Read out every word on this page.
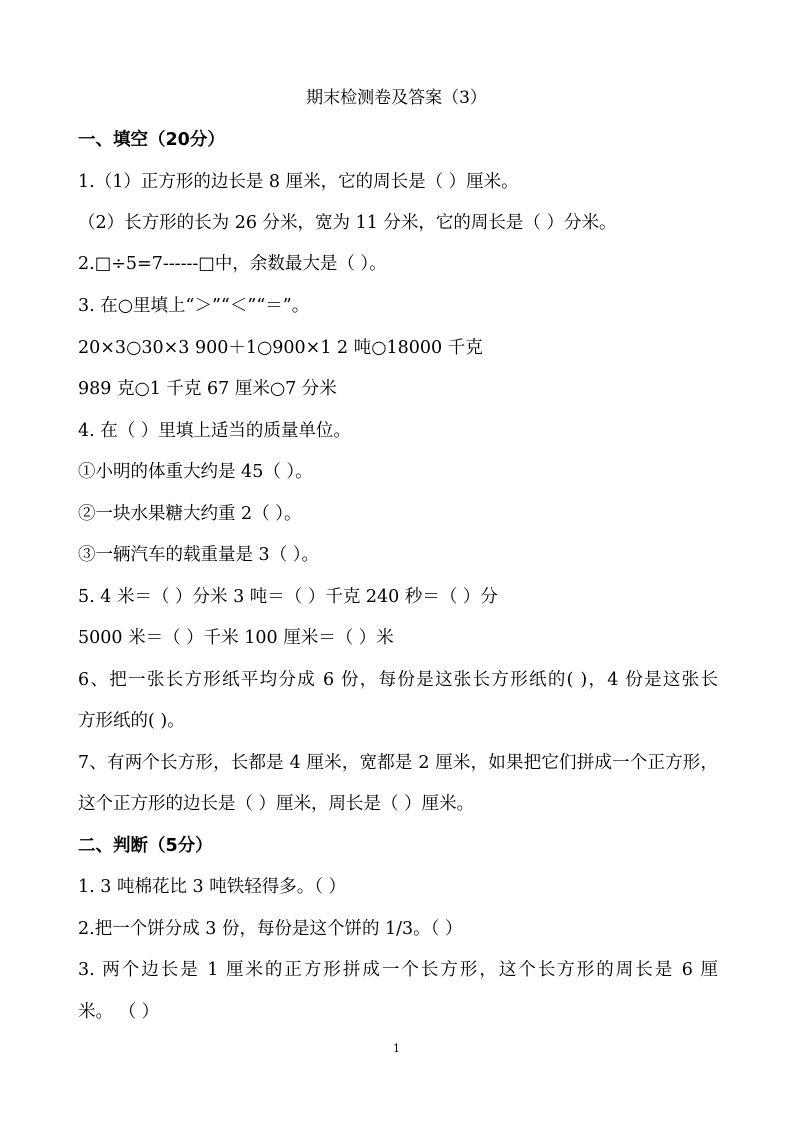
期末检测卷及答案（3）
一、填空（20分）
1.（1）正方形的边长是 8 厘米，它的周长是（ ）厘米。
（2）长方形的长为 26 分米，宽为 11 分米，它的周长是（ ）分米。
2.□÷5=7------□中，余数最大是（ ）。
3. 在○里填上“＞”“＜”“＝”。
20×3○30×3 900＋1○900×1 2 吨○18000 千克
989 克○1 千克 67 厘米○7 分米
4. 在（ ）里填上适当的质量单位。
①小明的体重大约是 45（ ）。
②一块水果糖大约重 2（ ）。
③一辆汽车的载重量是 3（ ）。
5. 4 米＝（ ）分米 3 吨＝（ ）千克 240 秒＝（ ）分
5000 米＝（ ）千米 100 厘米＝（ ）米
6、把一张长方形纸平均分成 6 份，每份是这张长方形纸的( )，4 份是这张长
方形纸的( )。
7、有两个长方形，长都是 4 厘米，宽都是 2 厘米，如果把它们拼成一个正方形，
这个正方形的边长是（ ）厘米，周长是（ ）厘米。
二、判断（5分）
1. 3 吨棉花比 3 吨铁轻得多。（ ）
2.把一个饼分成 3 份，每份是这个饼的 1/3。（ ）
3. 两个边长是 1 厘米的正方形拼成一个长方形，这个长方形的周长是 6 厘
米。 （ ）
1
